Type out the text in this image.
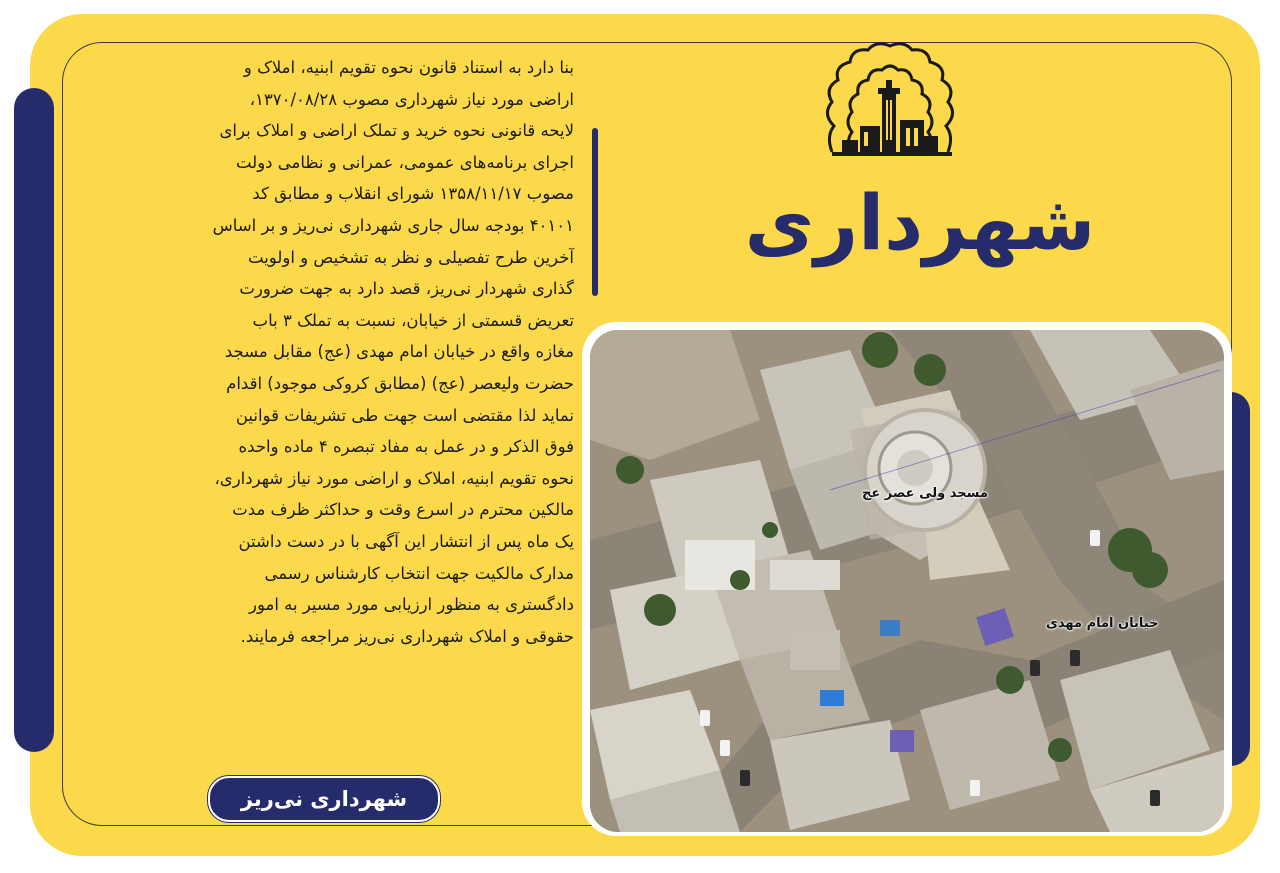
بنا دارد به استناد قانون نحوه تقویم ابنیه، املاک و
اراضی مورد نیاز شهرداری مصوب ۱۳۷۰/۰۸/۲۸،
لایحه قانونی نحوه خرید و تملک اراضی و املاک برای
اجرای برنامه‌های عمومی، عمرانی و نظامی دولت
مصوب ۱۳۵۸/۱۱/۱۷ شورای انقلاب و مطابق کد
۴۰۱۰۱ بودجه سال جاری شهرداری نی‌ریز و بر اساس
آخرین طرح تفصیلی و نظر به تشخیص و اولویت
گذاری شهردار نی‌ریز، قصد دارد به جهت ضرورت
تعریض قسمتی از خیابان، نسبت به تملک ۳ باب
مغازه واقع در خیابان امام مهدی (عج) مقابل مسجد
حضرت ولیعصر (عج) (مطابق کروکی موجود) اقدام
نماید لذا مقتضی است جهت طی تشریفات قوانین
فوق الذکر و در عمل به مفاد تبصره ۴ ماده واحده
نحوه تقویم ابنیه، املاک و اراضی مورد نیاز شهرداری،
مالکین محترم در اسرع وقت و حداکثر ظرف مدت
یک ماه پس از انتشار این آگهی با در دست داشتن
مدارک مالکیت جهت انتخاب کارشناس رسمی
دادگستری به منظور ارزیابی مورد مسیر به امور
حقوقی و املاک شهرداری نی‌ریز مراجعه فرمایند.
شهرداری نی‌ریز
شهرداری
مسجد ولی عصر عج
خیابان امام مهدی
